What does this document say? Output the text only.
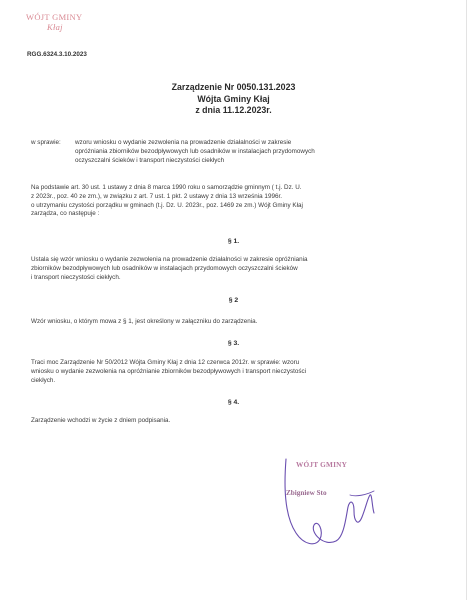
WÓJT GMINY
Kłaj
RGG.6324.3.10.2023
Zarządzenie Nr 0050.131.2023
Wójta Gminy Kłaj
z dnia 11.12.2023r.
w sprawie: wzoru wniosku o wydanie zezwolenia na prowadzenie działalności w zakresie
opróżniania zbiorników bezodpływowych lub osadników w instalacjach przydomowych
oczyszczalni ścieków i transport nieczystości ciekłych
Na podstawie art. 30 ust. 1 ustawy z dnia 8 marca 1990 roku o samorządzie gminnym ( t.j. Dz. U.
z 2023r., poz. 40 ze zm.), w związku z art. 7 ust. 1 pkt. 2 ustawy z dnia 13 września 1996r.
o utrzymaniu czystości porządku w gminach (t.j. Dz. U. 2023r., poz. 1469 ze zm.) Wójt Gminy Kłaj
zarządza, co następuje :
§ 1.
Ustala się wzór wniosku o wydanie zezwolenia na prowadzenie działalności w zakresie opróżniania
zbiorników bezodpływowych lub osadników w instalacjach przydomowych oczyszczalni ścieków
i transport nieczystości ciekłych.
§ 2
Wzór wniosku, o którym mowa z § 1, jest określony w załączniku do zarządzenia.
§ 3.
Traci moc Zarządzenie Nr 50/2012 Wójta Gminy Kłaj z dnia 12 czerwca 2012r. w sprawie: wzoru
wniosku o wydanie zezwolenia na opróżnianie zbiorników bezodpływowych i transport nieczystości
ciekłych.
§ 4.
Zarządzenie wchodzi w życie z dniem podpisania.
WÓJT GMINY
Zbigniew Sto
